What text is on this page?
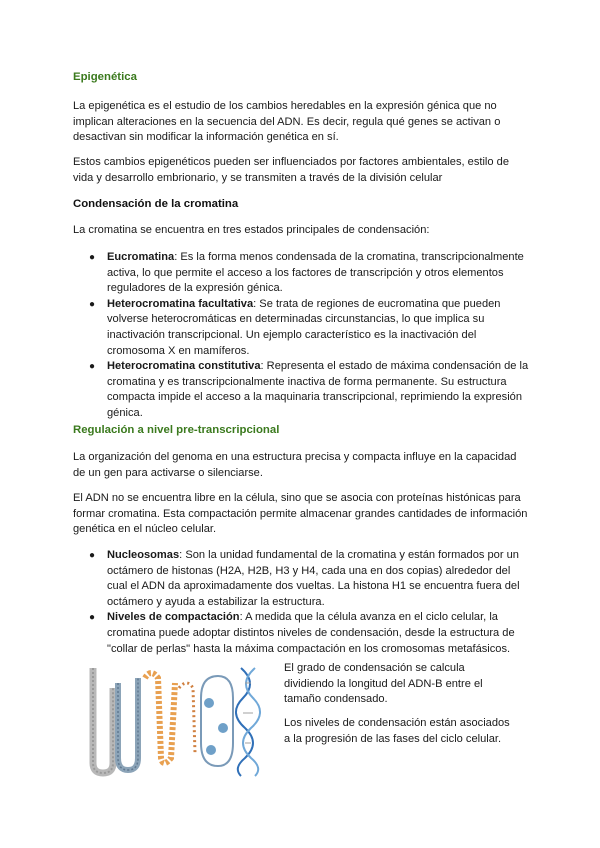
Epigenética

La epigenética es el estudio de los cambios heredables en la expresión génica que no implican alteraciones en la secuencia del ADN. Es decir, regula qué genes se activan o desactivan sin modificar la información genética en sí.

Estos cambios epigenéticos pueden ser influenciados por factores ambientales, estilo de vida y desarrollo embrionario, y se transmiten a través de la división celular

Condensación de la cromatina

La cromatina se encuentra en tres estados principales de condensación:

● Eucromatina: Es la forma menos condensada de la cromatina, transcripcionalmente activa, lo que permite el acceso a los factores de transcripción y otros elementos reguladores de la expresión génica.
● Heterocromatina facultativa: Se trata de regiones de eucromatina que pueden volverse heterocromáticas en determinadas circunstancias, lo que implica su inactivación transcripcional. Un ejemplo característico es la inactivación del cromosoma X en mamíferos.
● Heterocromatina constitutiva: Representa el estado de máxima condensación de la cromatina y es transcripcionalmente inactiva de forma permanente. Su estructura compacta impide el acceso a la maquinaria transcripcional, reprimiendo la expresión génica.

Regulación a nivel pre-transcripcional

La organización del genoma en una estructura precisa y compacta influye en la capacidad de un gen para activarse o silenciarse.

El ADN no se encuentra libre en la célula, sino que se asocia con proteínas histónicas para formar cromatina. Esta compactación permite almacenar grandes cantidades de información genética en el núcleo celular.

● Nucleosomas: Son la unidad fundamental de la cromatina y están formados por un octámero de histonas (H2A, H2B, H3 y H4, cada una en dos copias) alrededor del cual el ADN da aproximadamente dos vueltas. La histona H1 se encuentra fuera del octámero y ayuda a estabilizar la estructura.
● Niveles de compactación: A medida que la célula avanza en el ciclo celular, la cromatina puede adoptar distintos niveles de condensación, desde la estructura de "collar de perlas" hasta la máxima compactación en los cromosomas metafásicos.

El grado de condensación se calcula dividiendo la longitud del ADN-B entre el tamaño condensado.

Los niveles de condensación están asociados a la progresión de las fases del ciclo celular.
